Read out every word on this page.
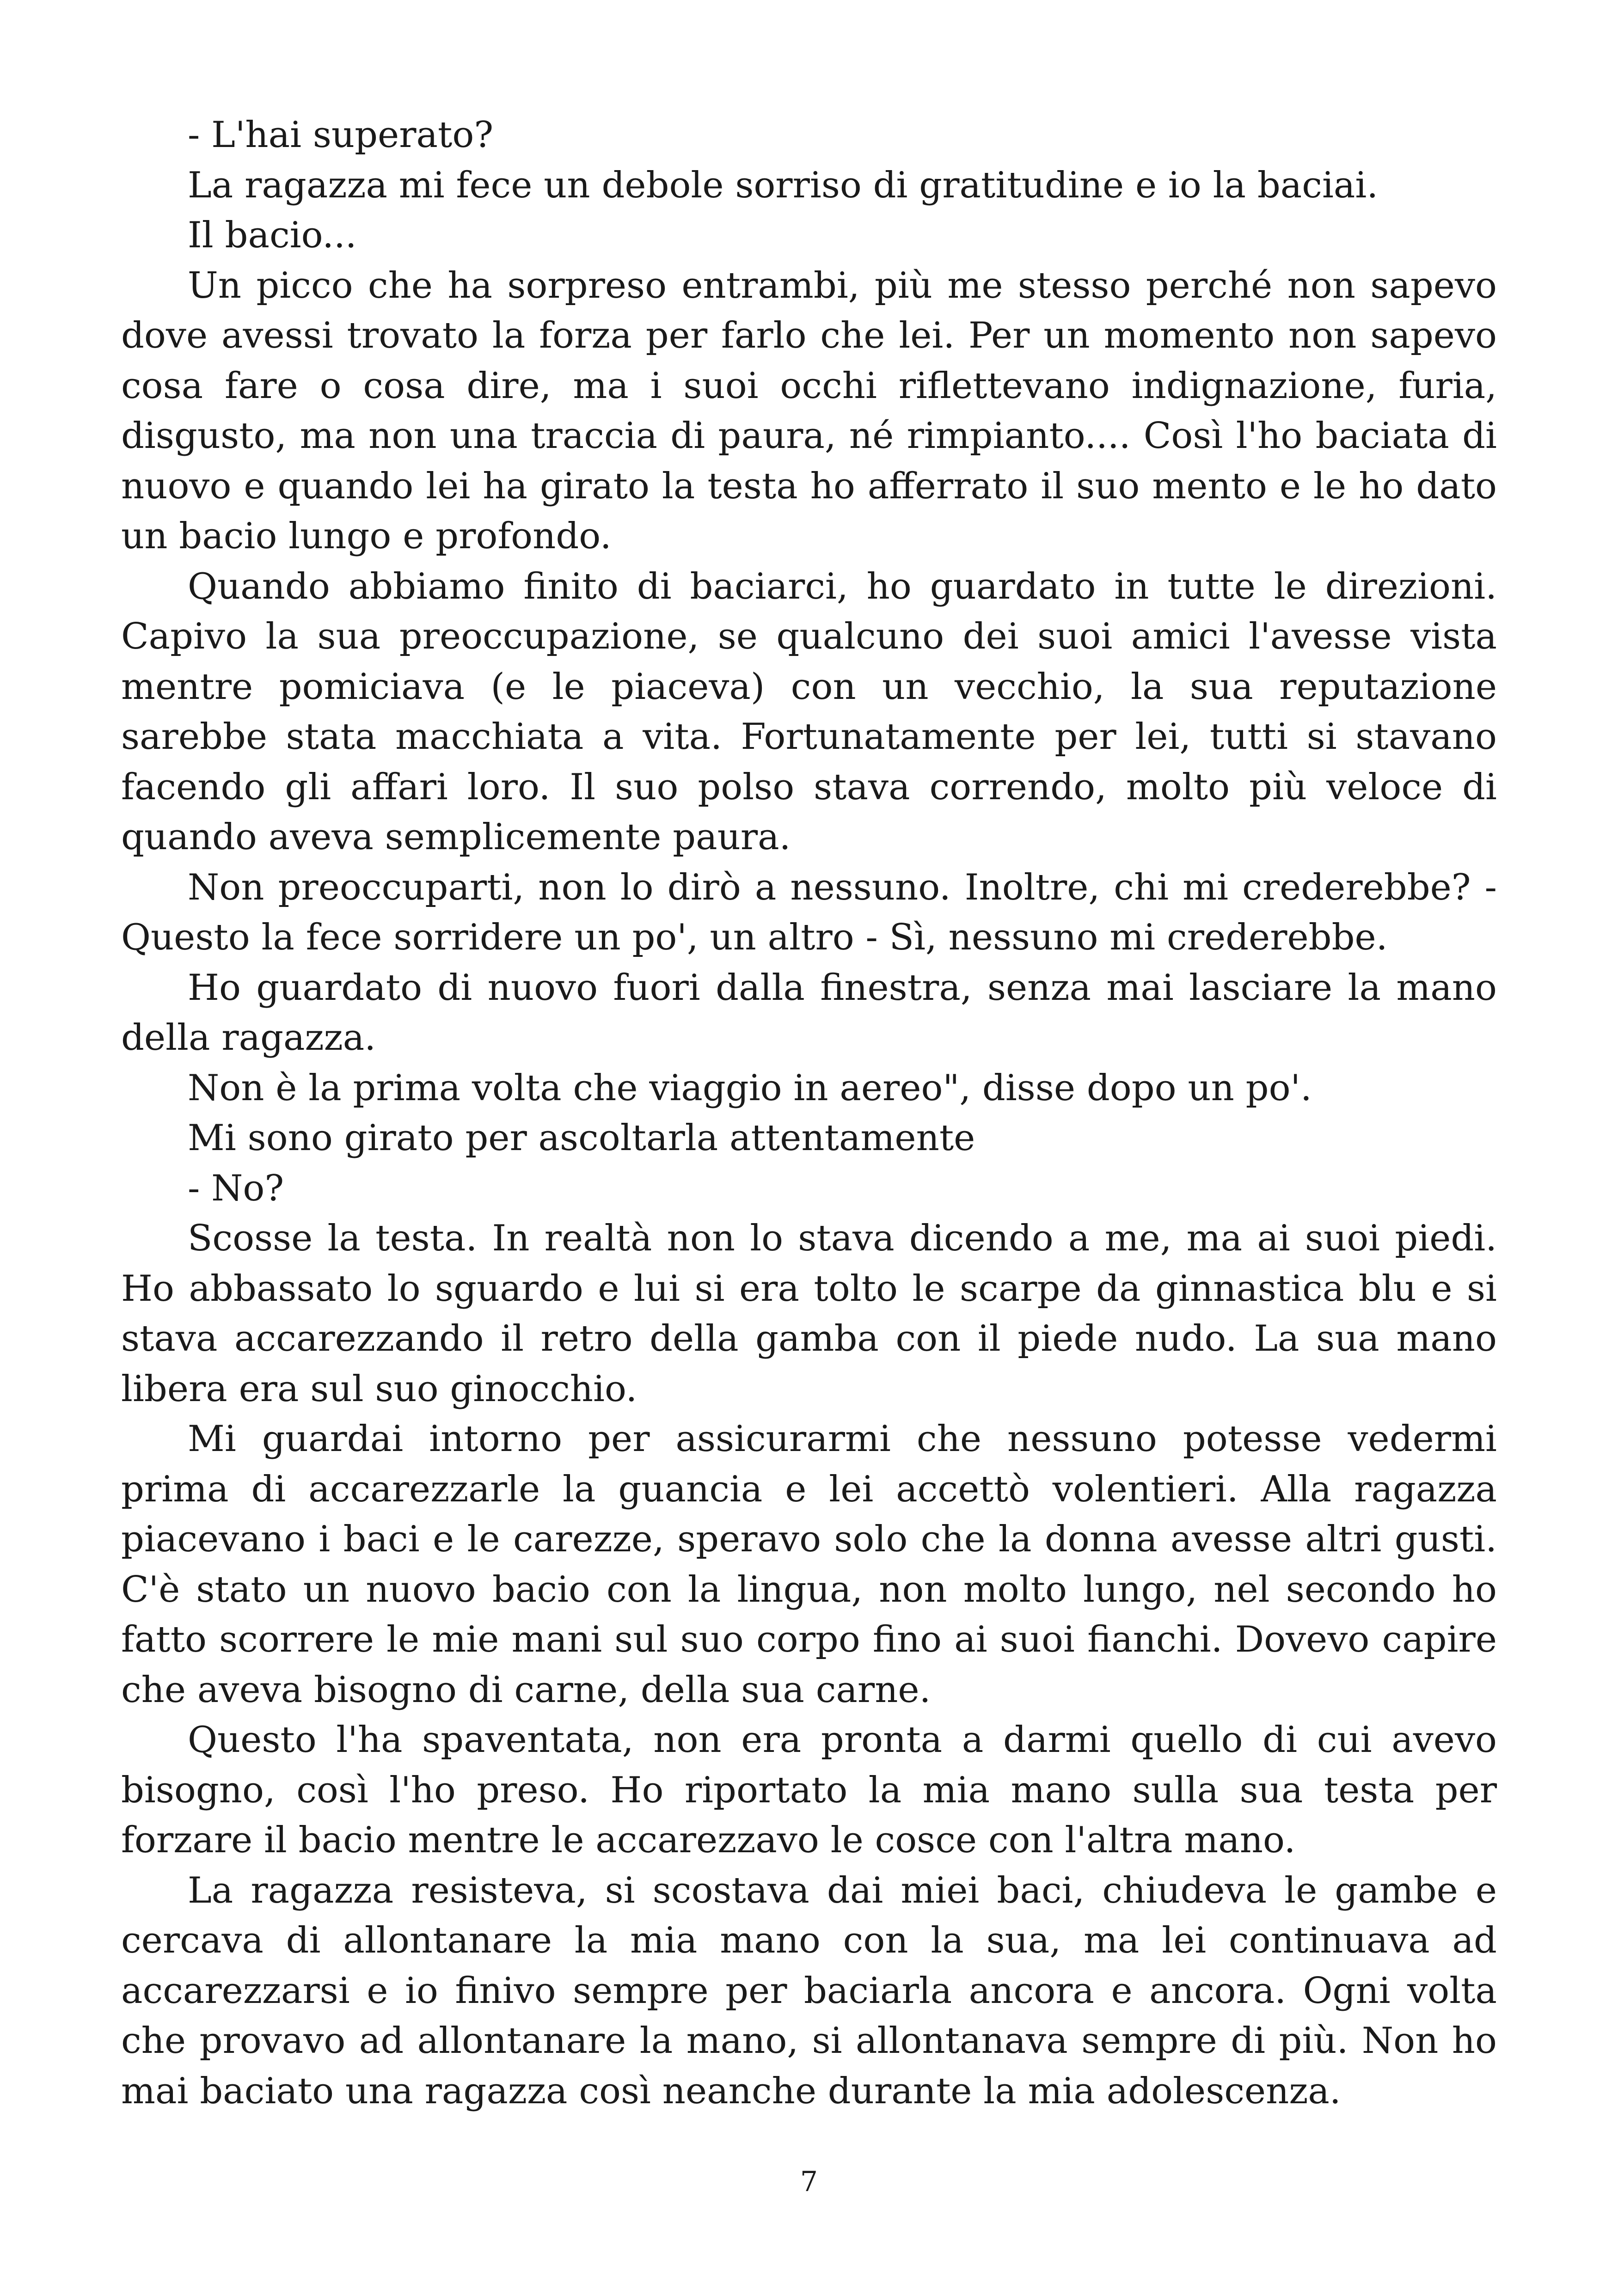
- L'hai superato?

La ragazza mi fece un debole sorriso di gratitudine e io la baciai.

Il bacio...

Un picco che ha sorpreso entrambi, più me stesso perché non sapevo dove avessi trovato la forza per farlo che lei. Per un momento non sapevo cosa fare o cosa dire, ma i suoi occhi riflettevano indignazione, furia, disgusto, ma non una traccia di paura, né rimpianto.... Così l'ho baciata di nuovo e quando lei ha girato la testa ho afferrato il suo mento e le ho dato un bacio lungo e profondo.

Quando abbiamo finito di baciarci, ho guardato in tutte le direzioni. Capivo la sua preoccupazione, se qualcuno dei suoi amici l'avesse vista mentre pomiciava (e le piaceva) con un vecchio, la sua reputazione sarebbe stata macchiata a vita. Fortunatamente per lei, tutti si stavano facendo gli affari loro. Il suo polso stava correndo, molto più veloce di quando aveva semplicemente paura.

Non preoccuparti, non lo dirò a nessuno. Inoltre, chi mi crederebbe? - Questo la fece sorridere un po', un altro - Sì, nessuno mi crederebbe.

Ho guardato di nuovo fuori dalla finestra, senza mai lasciare la mano della ragazza.

Non è la prima volta che viaggio in aereo", disse dopo un po'.

Mi sono girato per ascoltarla attentamente

- No?

Scosse la testa. In realtà non lo stava dicendo a me, ma ai suoi piedi. Ho abbassato lo sguardo e lui si era tolto le scarpe da ginnastica blu e si stava accarezzando il retro della gamba con il piede nudo. La sua mano libera era sul suo ginocchio.

Mi guardai intorno per assicurarmi che nessuno potesse vedermi prima di accarezzarle la guancia e lei accettò volentieri. Alla ragazza piacevano i baci e le carezze, speravo solo che la donna avesse altri gusti. C'è stato un nuovo bacio con la lingua, non molto lungo, nel secondo ho fatto scorrere le mie mani sul suo corpo fino ai suoi fianchi. Dovevo capire che aveva bisogno di carne, della sua carne.

Questo l'ha spaventata, non era pronta a darmi quello di cui avevo bisogno, così l'ho preso. Ho riportato la mia mano sulla sua testa per forzare il bacio mentre le accarezzavo le cosce con l'altra mano.

La ragazza resisteva, si scostava dai miei baci, chiudeva le gambe e cercava di allontanare la mia mano con la sua, ma lei continuava ad accarezzarsi e io finivo sempre per baciarla ancora e ancora. Ogni volta che provavo ad allontanare la mano, si allontanava sempre di più. Non ho mai baciato una ragazza così neanche durante la mia adolescenza.

7
